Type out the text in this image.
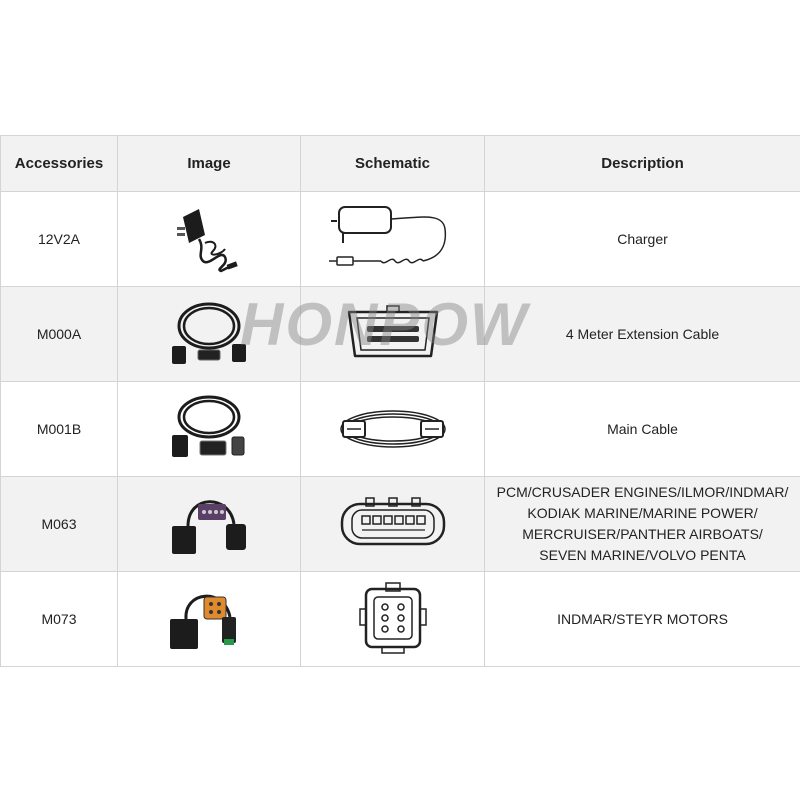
Accessories	Image	Schematic	Description
12V2A			Charger

M000A			4 Meter Extension Cable

M001B			Main Cable

M063			PCM/CRUSADER ENGINES/ILMOR/INDMAR/
KODIAK MARINE/MARINE POWER/
MERCRUISER/PANTHER AIRBOATS/
SEVEN MARINE/VOLVO PENTA

M073			INDMAR/STEYR MOTORS
HONPOW
